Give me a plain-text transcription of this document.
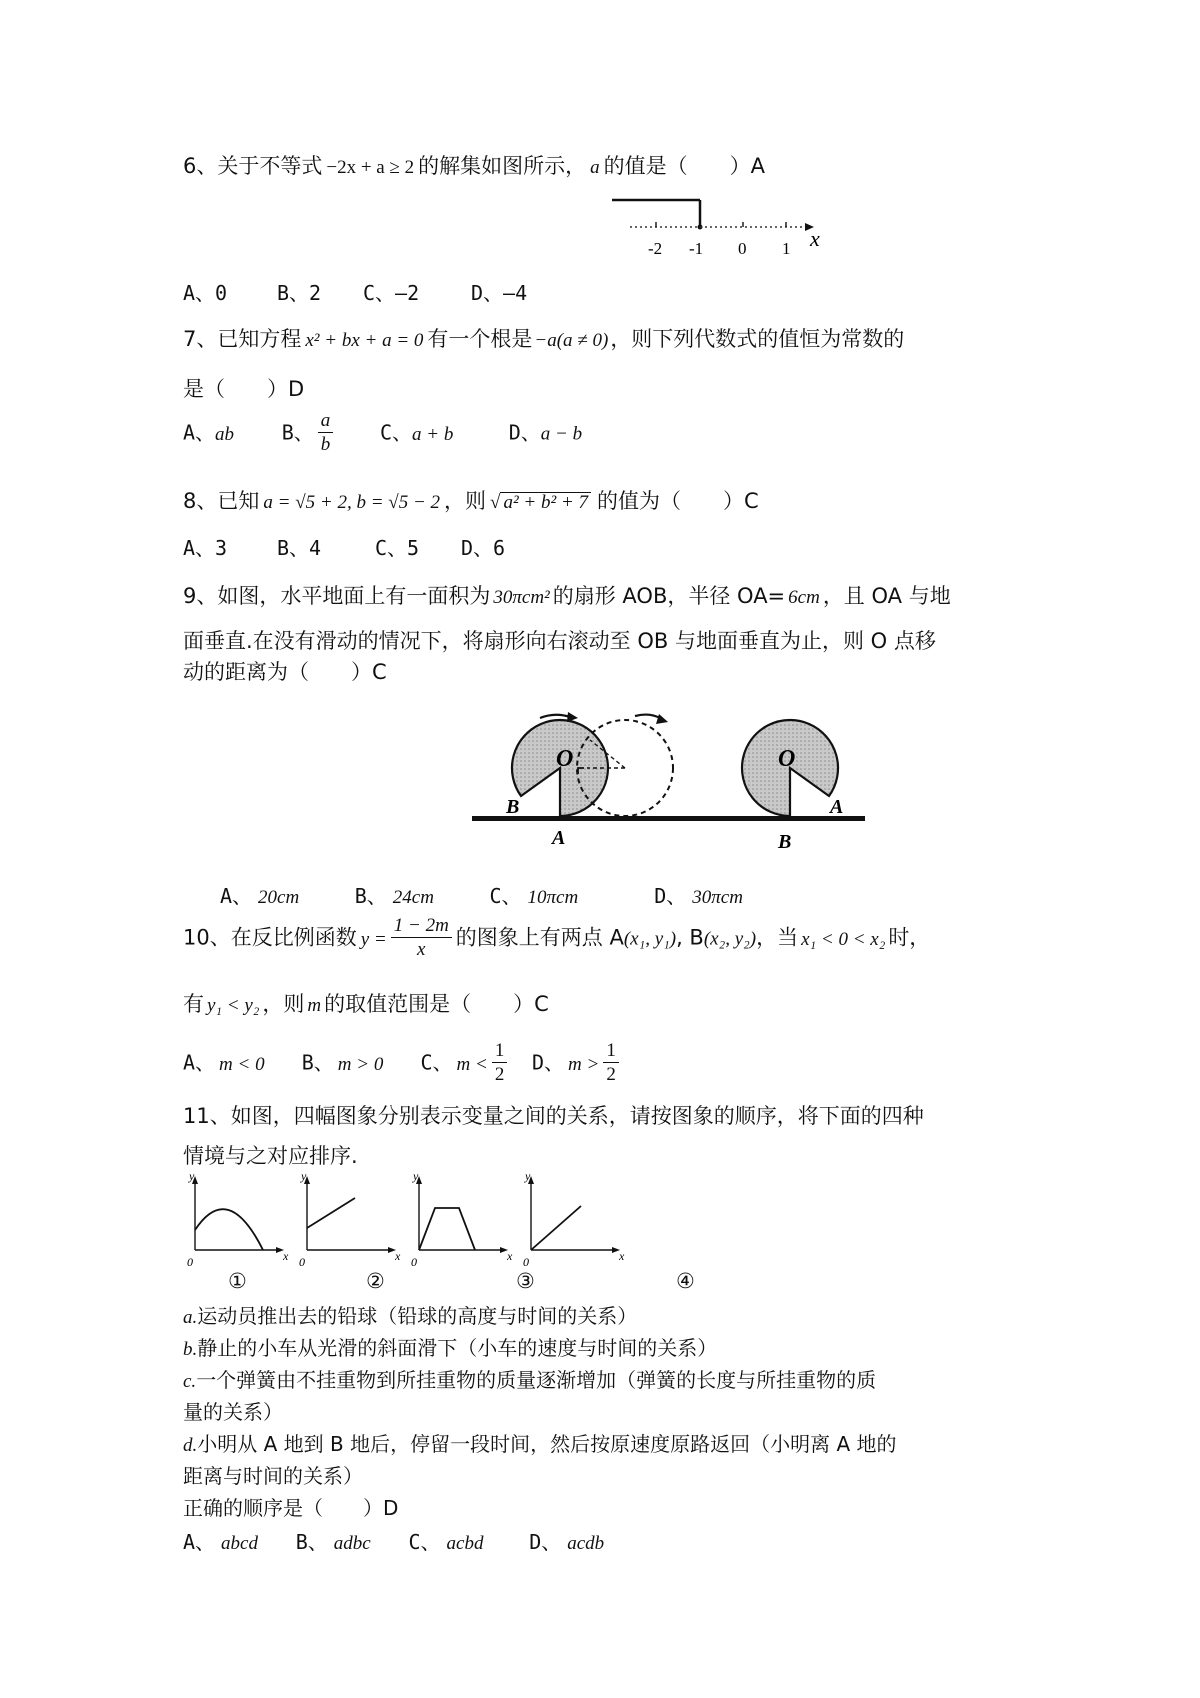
6、关于不等式 −2x + a ≥ 2 的解集如图所示， a 的值是（　　）A
-2 -1 0 1 x
A、0 B、2 C、—2	D、—4
7、已知方程 x² + bx + a = 0 有一个根是 −a(a ≠ 0)，则下列代数式的值恒为常数的
是（　　）D
A、ab B、 $\frac{a}{b}$ C、a + b	D、a − b
8、已知 a = √5 + 2, b = √5 − 2 ，则 √ a² + b² + 7 的值为（　　）C
A、3 B、4	C、5 D、6
9、如图，水平地面上有一面积为 30πcm² 的扇形 AOB，半径 OA= 6cm ，且 OA 与地
面垂直.在没有滑动的情况下，将扇形向右滚动至 OB 与地面垂直为止，则 O 点移
动的距离为（　　）C
O
B
A
O
A
B
A、 20cm	B、 24cm	C、 10πcm	D、 30πcm
10、在反比例函数 $y = \frac{1 - 2m}{x}$ 的图象上有两点 A(x₁, y₁), B(x₂, y₂)，当 x₁ < 0 < x₂ 时，
有 y₁ < y₂ ，则 m 的取值范围是（　　）C
A、 m < 0 B、 m > 0 C、 $m < \frac{1}{2}$ D、 $m > \frac{1}{2}$
11、如图，四幅图象分别表示变量之间的关系，请按图象的顺序，将下面的四种
情境与之对应排序.
y
x
0
y
x
0
y
x
0
y
x
0
①	②	③	④
a.运动员推出去的铅球（铅球的高度与时间的关系）
b.静止的小车从光滑的斜面滑下（小车的速度与时间的关系）
c.一个弹簧由不挂重物到所挂重物的质量逐渐增加（弹簧的长度与所挂重物的质
量的关系）
d.小明从 A 地到 B 地后，停留一段时间，然后按原速度原路返回（小明离 A 地的
距离与时间的关系）
正确的顺序是（　　）D
A、 abcd B、 adbc C、 acbd D、 acdb
